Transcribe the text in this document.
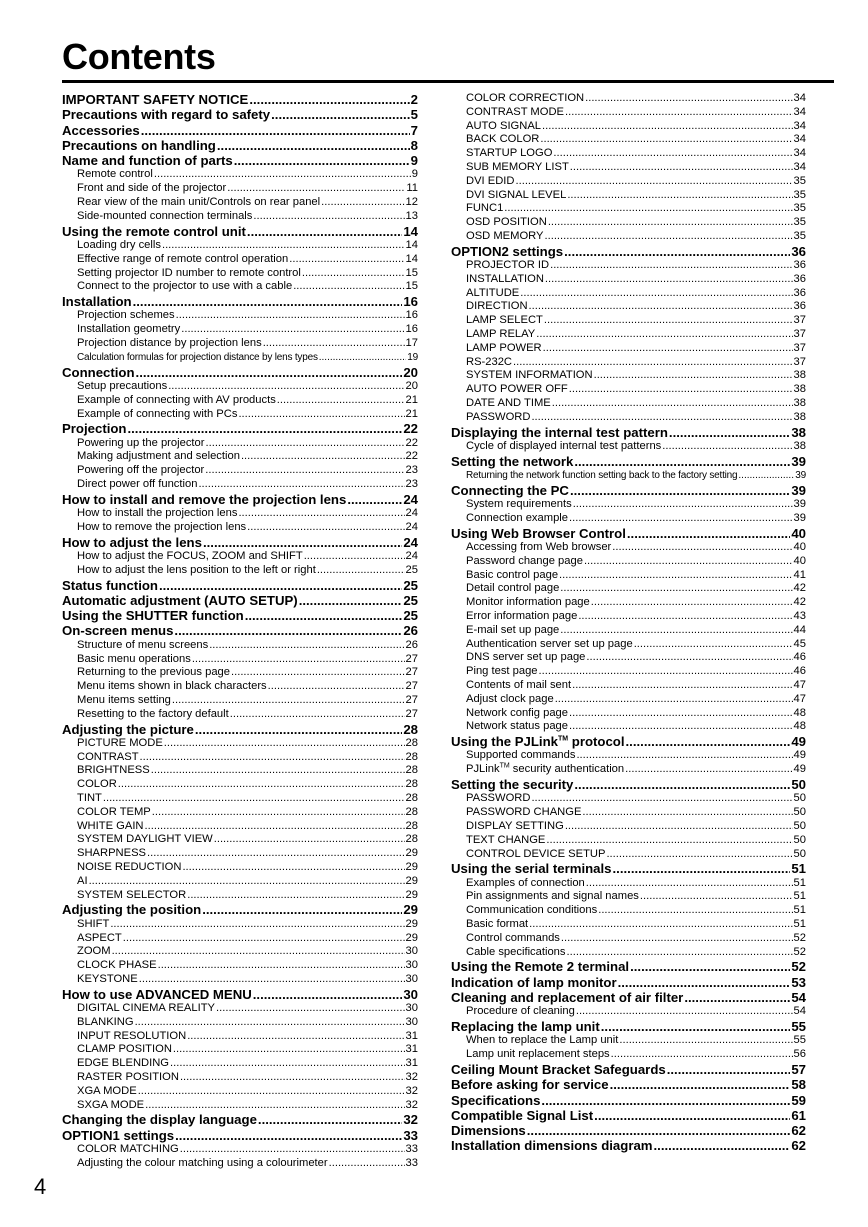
Contents
IMPORTANT SAFETY NOTICE .....	2
Precautions with regard to safety .....	5
Accessories .....	7
Precautions on handling .....	8
Name and function of parts .....	9
Remote control .....	9
Front and side of the projector .....	11
Rear view of the main unit/Controls on rear panel .....	12
Side-mounted connection terminals .....	13
Using the remote control unit .....	14
Loading dry cells .....	14
Effective range of remote control operation .....	14
Setting projector ID number to remote control .....	15
Connect to the projector to use with a cable .....	15
Installation .....	16
Projection schemes .....	16
Installation geometry .....	16
Projection distance by projection lens .....	17
Calculation formulas for projection distance by lens types .....	19
Connection .....	20
Setup precautions .....	20
Example of connecting with AV products .....	21
Example of connecting with PCs .....	21
Projection .....	22
Powering up the projector .....	22
Making adjustment and selection .....	22
Powering off the projector .....	23
Direct power off function .....	23
How to install and remove the projection lens .....	24
How to install the projection lens .....	24
How to remove the projection lens .....	24
How to adjust the lens .....	24
How to adjust the FOCUS, ZOOM and SHIFT .....	24
How to adjust the lens position to the left or right .....	25
Status function .....	25
Automatic adjustment (AUTO SETUP) .....	25
Using the SHUTTER function .....	25
On-screen menus .....	26
Structure of menu screens .....	26
Basic menu operations .....	27
Returning to the previous page .....	27
Menu items shown in black characters .....	27
Menu items setting .....	27
Resetting to the factory default .....	27
Adjusting the picture .....	28
PICTURE MODE .....	28
CONTRAST .....	28
BRIGHTNESS .....	28
COLOR .....	28
TINT .....	28
COLOR TEMP .....	28
WHITE GAIN .....	28
SYSTEM DAYLIGHT VIEW .....	28
SHARPNESS .....	29
NOISE REDUCTION .....	29
AI .....	29
SYSTEM SELECTOR .....	29
Adjusting the position .....	29
SHIFT .....	29
ASPECT .....	29
ZOOM .....	30
CLOCK PHASE .....	30
KEYSTONE .....	30
How to use ADVANCED MENU .....	30
DIGITAL CINEMA REALITY .....	30
BLANKING .....	30
INPUT RESOLUTION .....	31
CLAMP POSITION .....	31
EDGE BLENDING .....	31
RASTER POSITION .....	32
XGA MODE .....	32
SXGA MODE .....	32
Changing the display language .....	32
OPTION1 settings .....	33
COLOR MATCHING .....	33
Adjusting the colour matching using a colourimeter .....	33
COLOR CORRECTION .....	34
CONTRAST MODE .....	34
AUTO SIGNAL .....	34
BACK COLOR .....	34
STARTUP LOGO .....	34
SUB MEMORY LIST .....	34
DVI EDID .....	35
DVI SIGNAL LEVEL .....	35
FUNC1 .....	35
OSD POSITION .....	35
OSD MEMORY .....	35
OPTION2 settings .....	36
PROJECTOR ID .....	36
INSTALLATION .....	36
ALTITUDE .....	36
DIRECTION .....	36
LAMP SELECT .....	37
LAMP RELAY .....	37
LAMP POWER .....	37
RS-232C .....	37
SYSTEM INFORMATION .....	38
AUTO POWER OFF .....	38
DATE AND TIME .....	38
PASSWORD .....	38
Displaying the internal test pattern .....	38
Cycle of displayed internal test patterns .....	38
Setting the network .....	39
Returning the network function setting back to the factory setting .....	39
Connecting the PC .....	39
System requirements .....	39
Connection example .....	39
Using Web Browser Control .....	40
Accessing from Web browser .....	40
Password change page .....	40
Basic control page .....	41
Detail control page .....	42
Monitor information page .....	42
Error information page .....	43
E-mail set up page .....	44
Authentication server set up page .....	45
DNS server set up page .....	46
Ping test page .....	46
Contents of mail sent .....	47
Adjust clock page .....	47
Network config page .....	48
Network status page .....	48
Using the PJLink™ protocol .....	49
Supported commands .....	49
PJLink™ security authentication .....	49
Setting the security .....	50
PASSWORD .....	50
PASSWORD CHANGE .....	50
DISPLAY SETTING .....	50
TEXT CHANGE .....	50
CONTROL DEVICE SETUP .....	50
Using the serial terminals .....	51
Examples of connection .....	51
Pin assignments and signal names .....	51
Communication conditions .....	51
Basic format .....	51
Control commands .....	52
Cable specifications .....	52
Using the Remote 2 terminal .....	52
Indication of lamp monitor .....	53
Cleaning and replacement of air filter .....	54
Procedure of cleaning .....	54
Replacing the lamp unit .....	55
When to replace the Lamp unit .....	55
Lamp unit replacement steps .....	56
Ceiling Mount Bracket Safeguards .....	57
Before asking for service .....	58
Specifications .....	59
Compatible Signal List .....	61
Dimensions .....	62
Installation dimensions diagram .....	62
4
